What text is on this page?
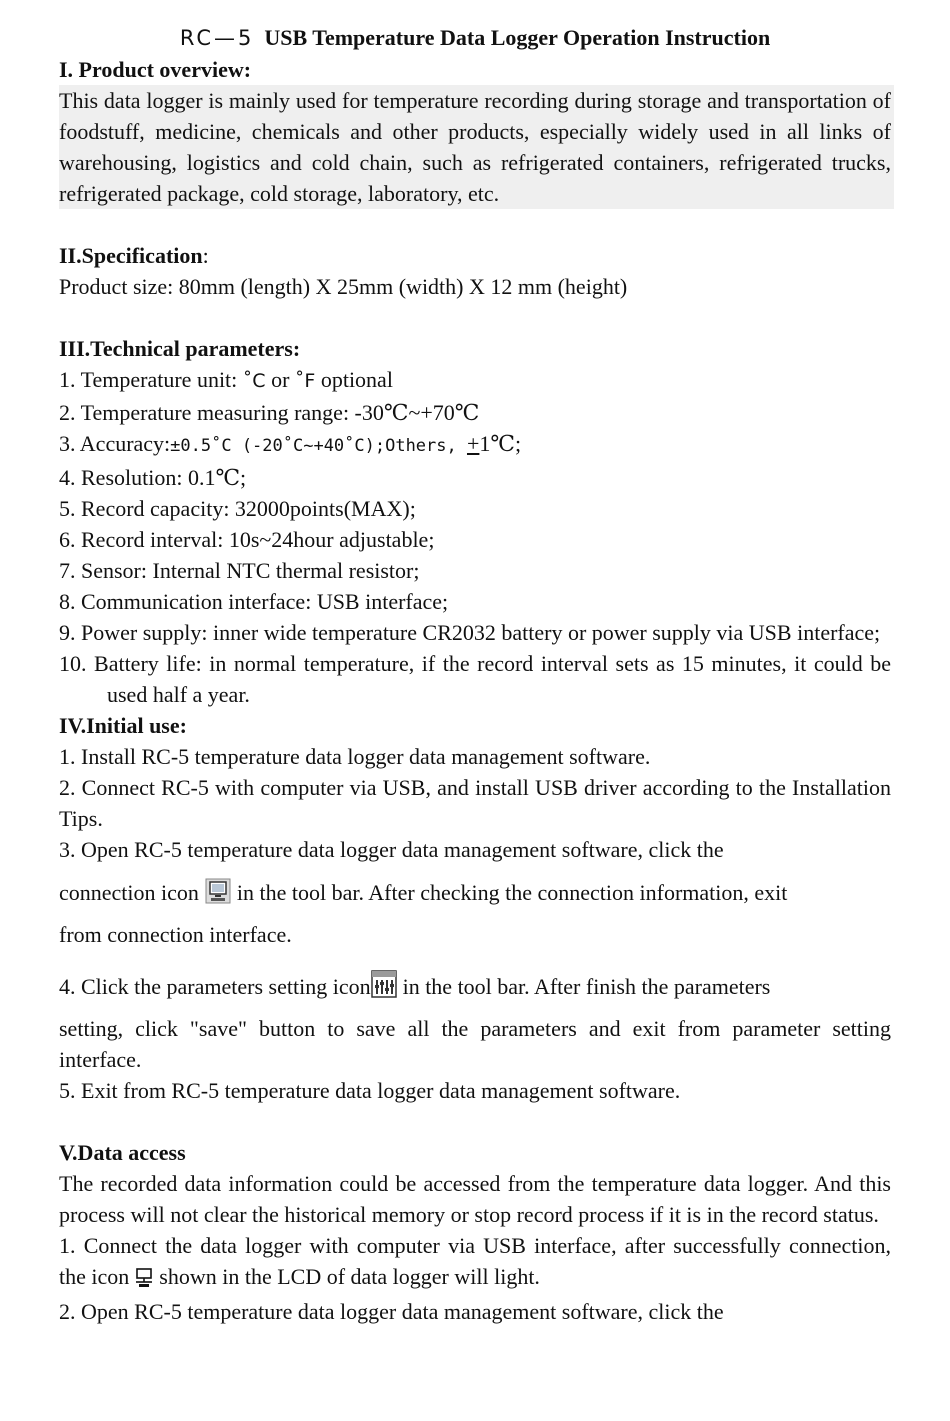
RC—5 USB Temperature Data Logger Operation Instruction
I. Product overview:
This data logger is mainly used for temperature recording during storage and transportation of foodstuff, medicine, chemicals and other products, especially widely used in all links of warehousing, logistics and cold chain, such as refrigerated containers, refrigerated trucks, refrigerated package, cold storage, laboratory, etc.
II.Specification:
Product size: 80mm (length) X 25mm (width) X 12 mm (height)
III.Technical parameters:
1. Temperature unit: ˚C or ˚F optional
2. Temperature measuring range: -30℃~+70℃
3. Accuracy:±0.5˚C (-20˚C~+40˚C);Others, +1℃;
4. Resolution: 0.1℃;
5. Record capacity: 32000points(MAX);
6. Record interval: 10s~24hour adjustable;
7. Sensor: Internal NTC thermal resistor;
8. Communication interface: USB interface;
9. Power supply: inner wide temperature CR2032 battery or power supply via USB interface;
10. Battery life: in normal temperature, if the record interval sets as 15 minutes, it could be used half a year.
IV.Initial use:
1. Install RC-5 temperature data logger data management software.
2. Connect RC-5 with computer via USB, and install USB driver according to the Installation Tips.
3. Open RC-5 temperature data logger data management software, click the
connection icon in the tool bar. After checking the connection information, exit
from connection interface.
4. Click the parameters setting icon in the tool bar. After finish the parameters
setting, click "save" button to save all the parameters and exit from parameter setting interface.
5. Exit from RC-5 temperature data logger data management software.
V.Data access
The recorded data information could be accessed from the temperature data logger. And this process will not clear the historical memory or stop record process if it is in the record status.
1. Connect the data logger with computer via USB interface, after successfully connection, the icon shown in the LCD of data logger will light.
2. Open RC-5 temperature data logger data management software, click the
